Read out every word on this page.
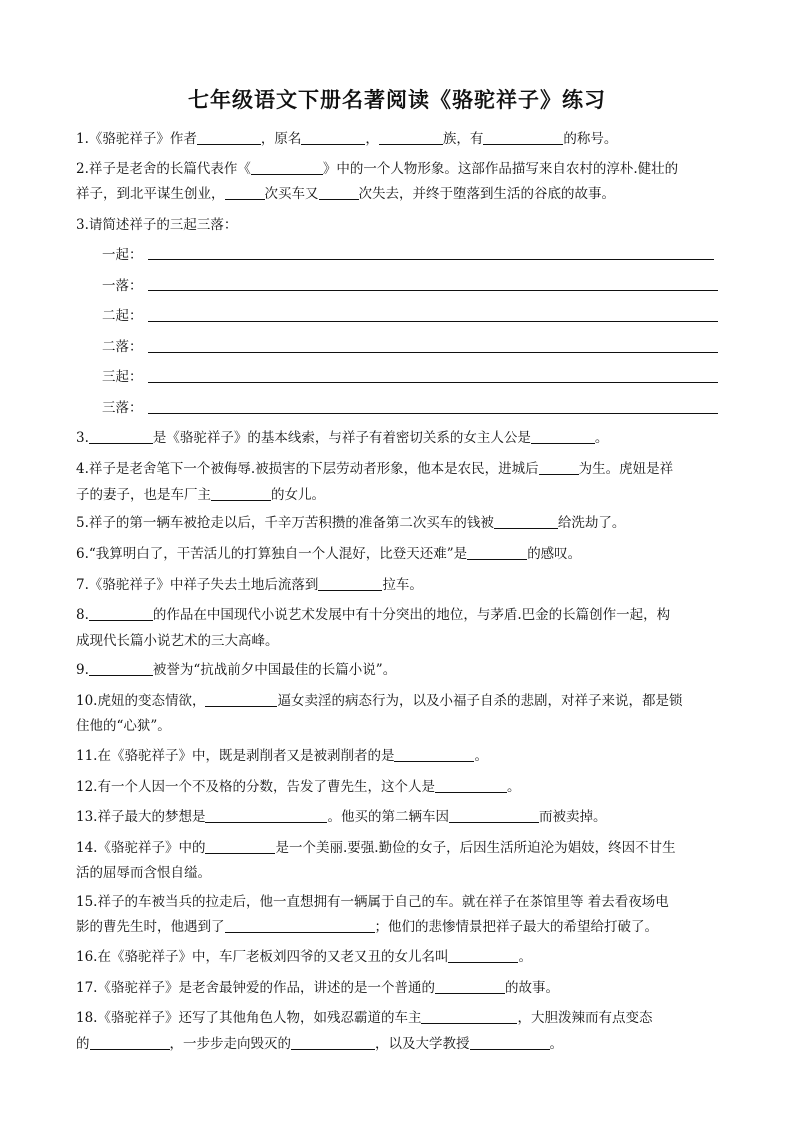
七年级语文下册名著阅读《骆驼祥子》练习
1.《骆驼祥子》作者	，原名	，	族，有	的称号。
2.祥子是老舍的长篇代表作《	》中的一个人物形象。这部作品描写来自农村的淳朴.健壮的
祥子，到北平谋生创业，	次买车又	次失去，并终于堕落到生活的谷底的故事。
3.请简述祥子的三起三落：
一起：
一落：
二起：
二落：
三起：
三落：
3.	是《骆驼祥子》的基本线索，与祥子有着密切关系的女主人公是	。
4.祥子是老舍笔下一个被侮辱.被损害的下层劳动者形象，他本是农民，进城后	为生。虎妞是祥
子的妻子，也是车厂主	的女儿。
5.祥子的第一辆车被抢走以后，千辛万苦积攒的准备第二次买车的钱被	给洗劫了。
6.“我算明白了，干苦活儿的打算独自一个人混好，比登天还难”是	的感叹。
7.《骆驼祥子》中祥子失去土地后流落到	拉车。
8.	的作品在中国现代小说艺术发展中有十分突出的地位，与茅盾.巴金的长篇创作一起，构
成现代长篇小说艺术的三大高峰。
9.	被誉为“抗战前夕中国最佳的长篇小说”。
10.虎妞的变态情欲，	逼女卖淫的病态行为，以及小福子自杀的悲剧，对祥子来说，都是锁
住他的“心狱”。
11.在《骆驼祥子》中，既是剥削者又是被剥削者的是	。
12.有一个人因一个不及格的分数，告发了曹先生，这个人是	。
13.祥子最大的梦想是	。他买的第二辆车因	而被卖掉。
14.《骆驼祥子》中的	是一个美丽.要强.勤俭的女子，后因生活所迫沦为娼妓，终因不甘生
活的屈辱而含恨自缢。
15.祥子的车被当兵的拉走后，他一直想拥有一辆属于自己的车。就在祥子在茶馆里等 着去看夜场电
影的曹先生时，他遇到了	；他们的悲惨情景把祥子最大的希望给打破了。
16.在《骆驼祥子》中，车厂老板刘四爷的又老又丑的女儿名叫	。
17.《骆驼祥子》是老舍最钟爱的作品，讲述的是一个普通的	的故事。
18.《骆驼祥子》还写了其他角色人物，如残忍霸道的车主	，大胆泼辣而有点变态
的	，一步步走向毁灭的	，以及大学教授	。
